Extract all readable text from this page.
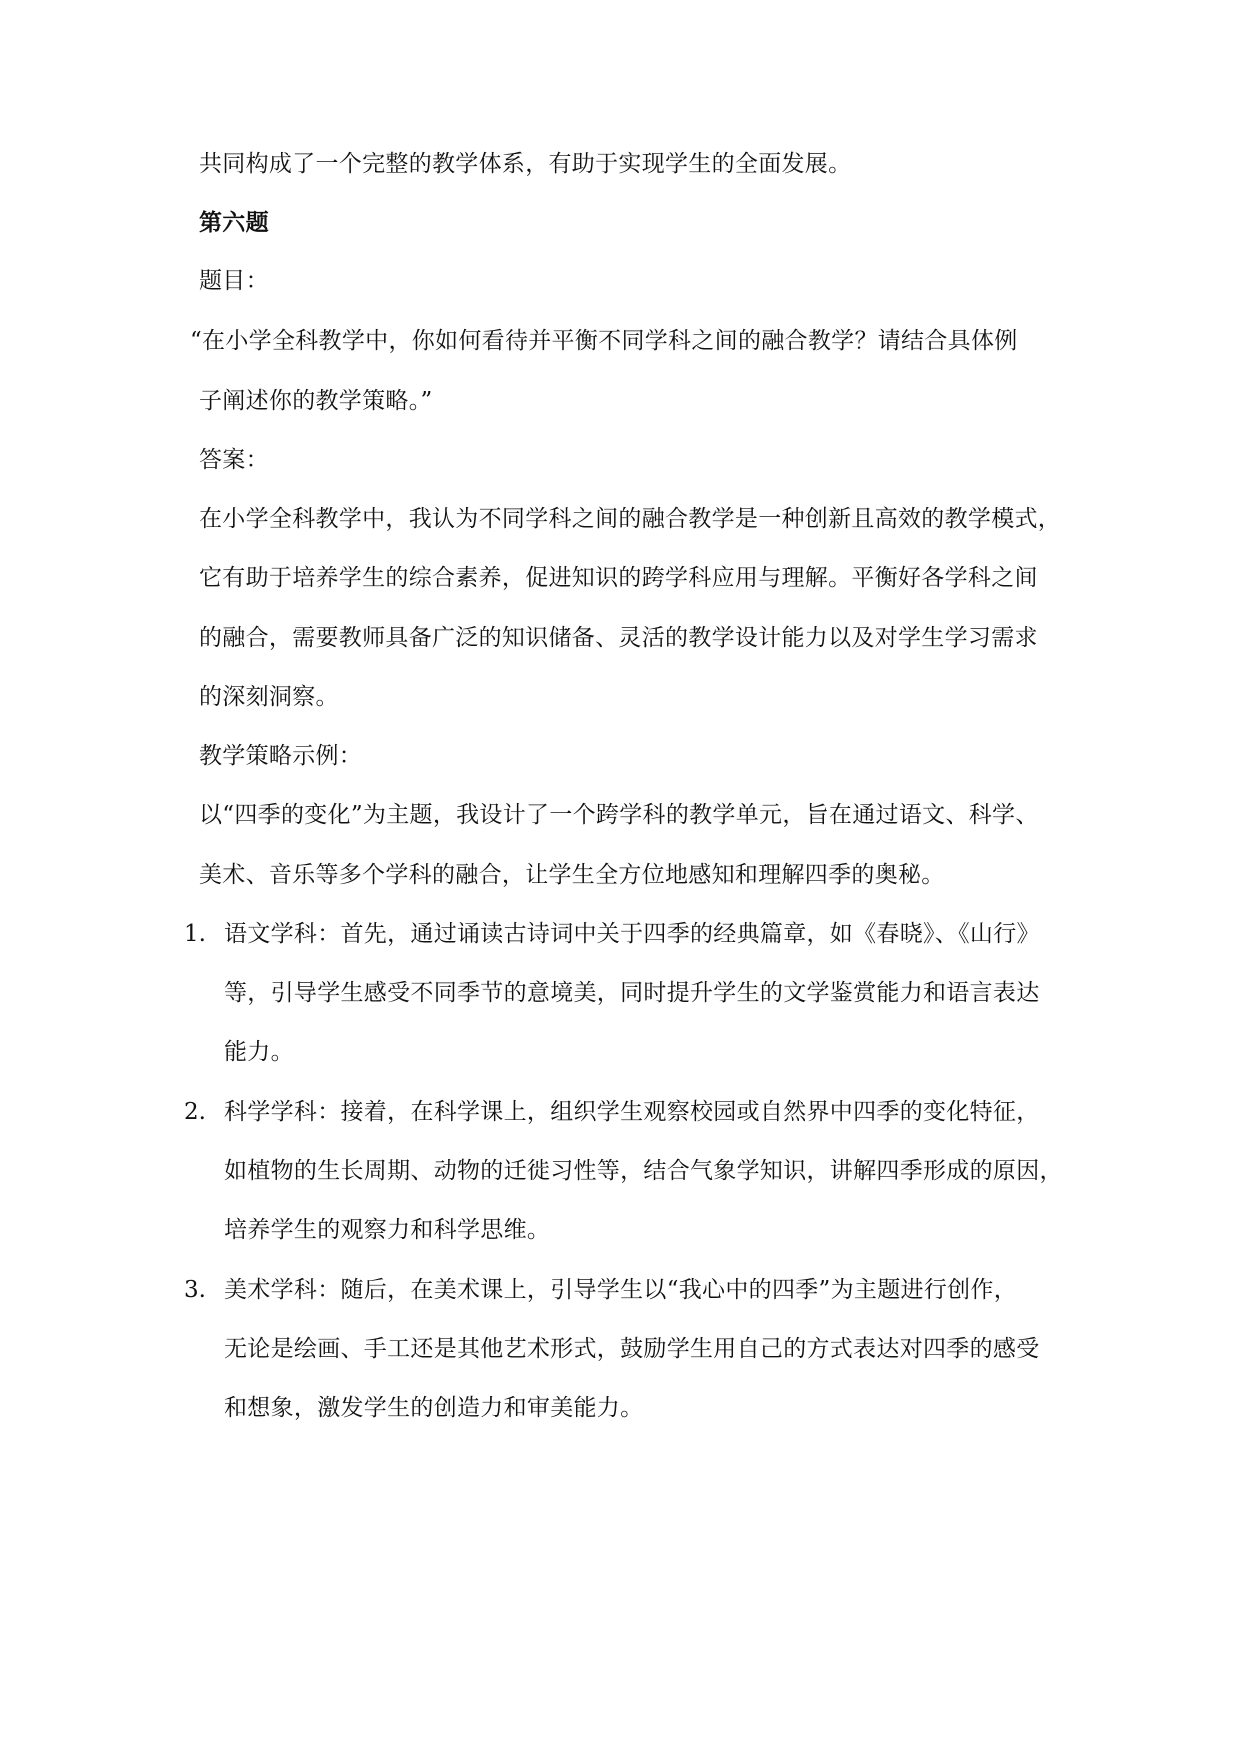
共同构成了一个完整的教学体系，有助于实现学生的全面发展。
第六题
题目：
“在小学全科教学中，你如何看待并平衡不同学科之间的融合教学？请结合具体例
子阐述你的教学策略。”
答案：
在小学全科教学中，我认为不同学科之间的融合教学是一种创新且高效的教学模式，
它有助于培养学生的综合素养，促进知识的跨学科应用与理解。平衡好各学科之间
的融合，需要教师具备广泛的知识储备、灵活的教学设计能力以及对学生学习需求
的深刻洞察。
教学策略示例：
以“四季的变化”为主题，我设计了一个跨学科的教学单元，旨在通过语文、科学、
美术、音乐等多个学科的融合，让学生全方位地感知和理解四季的奥秘。
1. 语文学科：首先，通过诵读古诗词中关于四季的经典篇章，如《春晓》、《山行》
等，引导学生感受不同季节的意境美，同时提升学生的文学鉴赏能力和语言表达
能力。
2. 科学学科：接着，在科学课上，组织学生观察校园或自然界中四季的变化特征，
如植物的生长周期、动物的迁徙习性等，结合气象学知识，讲解四季形成的原因，
培养学生的观察力和科学思维。
3. 美术学科：随后，在美术课上，引导学生以“我心中的四季”为主题进行创作，
无论是绘画、手工还是其他艺术形式，鼓励学生用自己的方式表达对四季的感受
和想象，激发学生的创造力和审美能力。
